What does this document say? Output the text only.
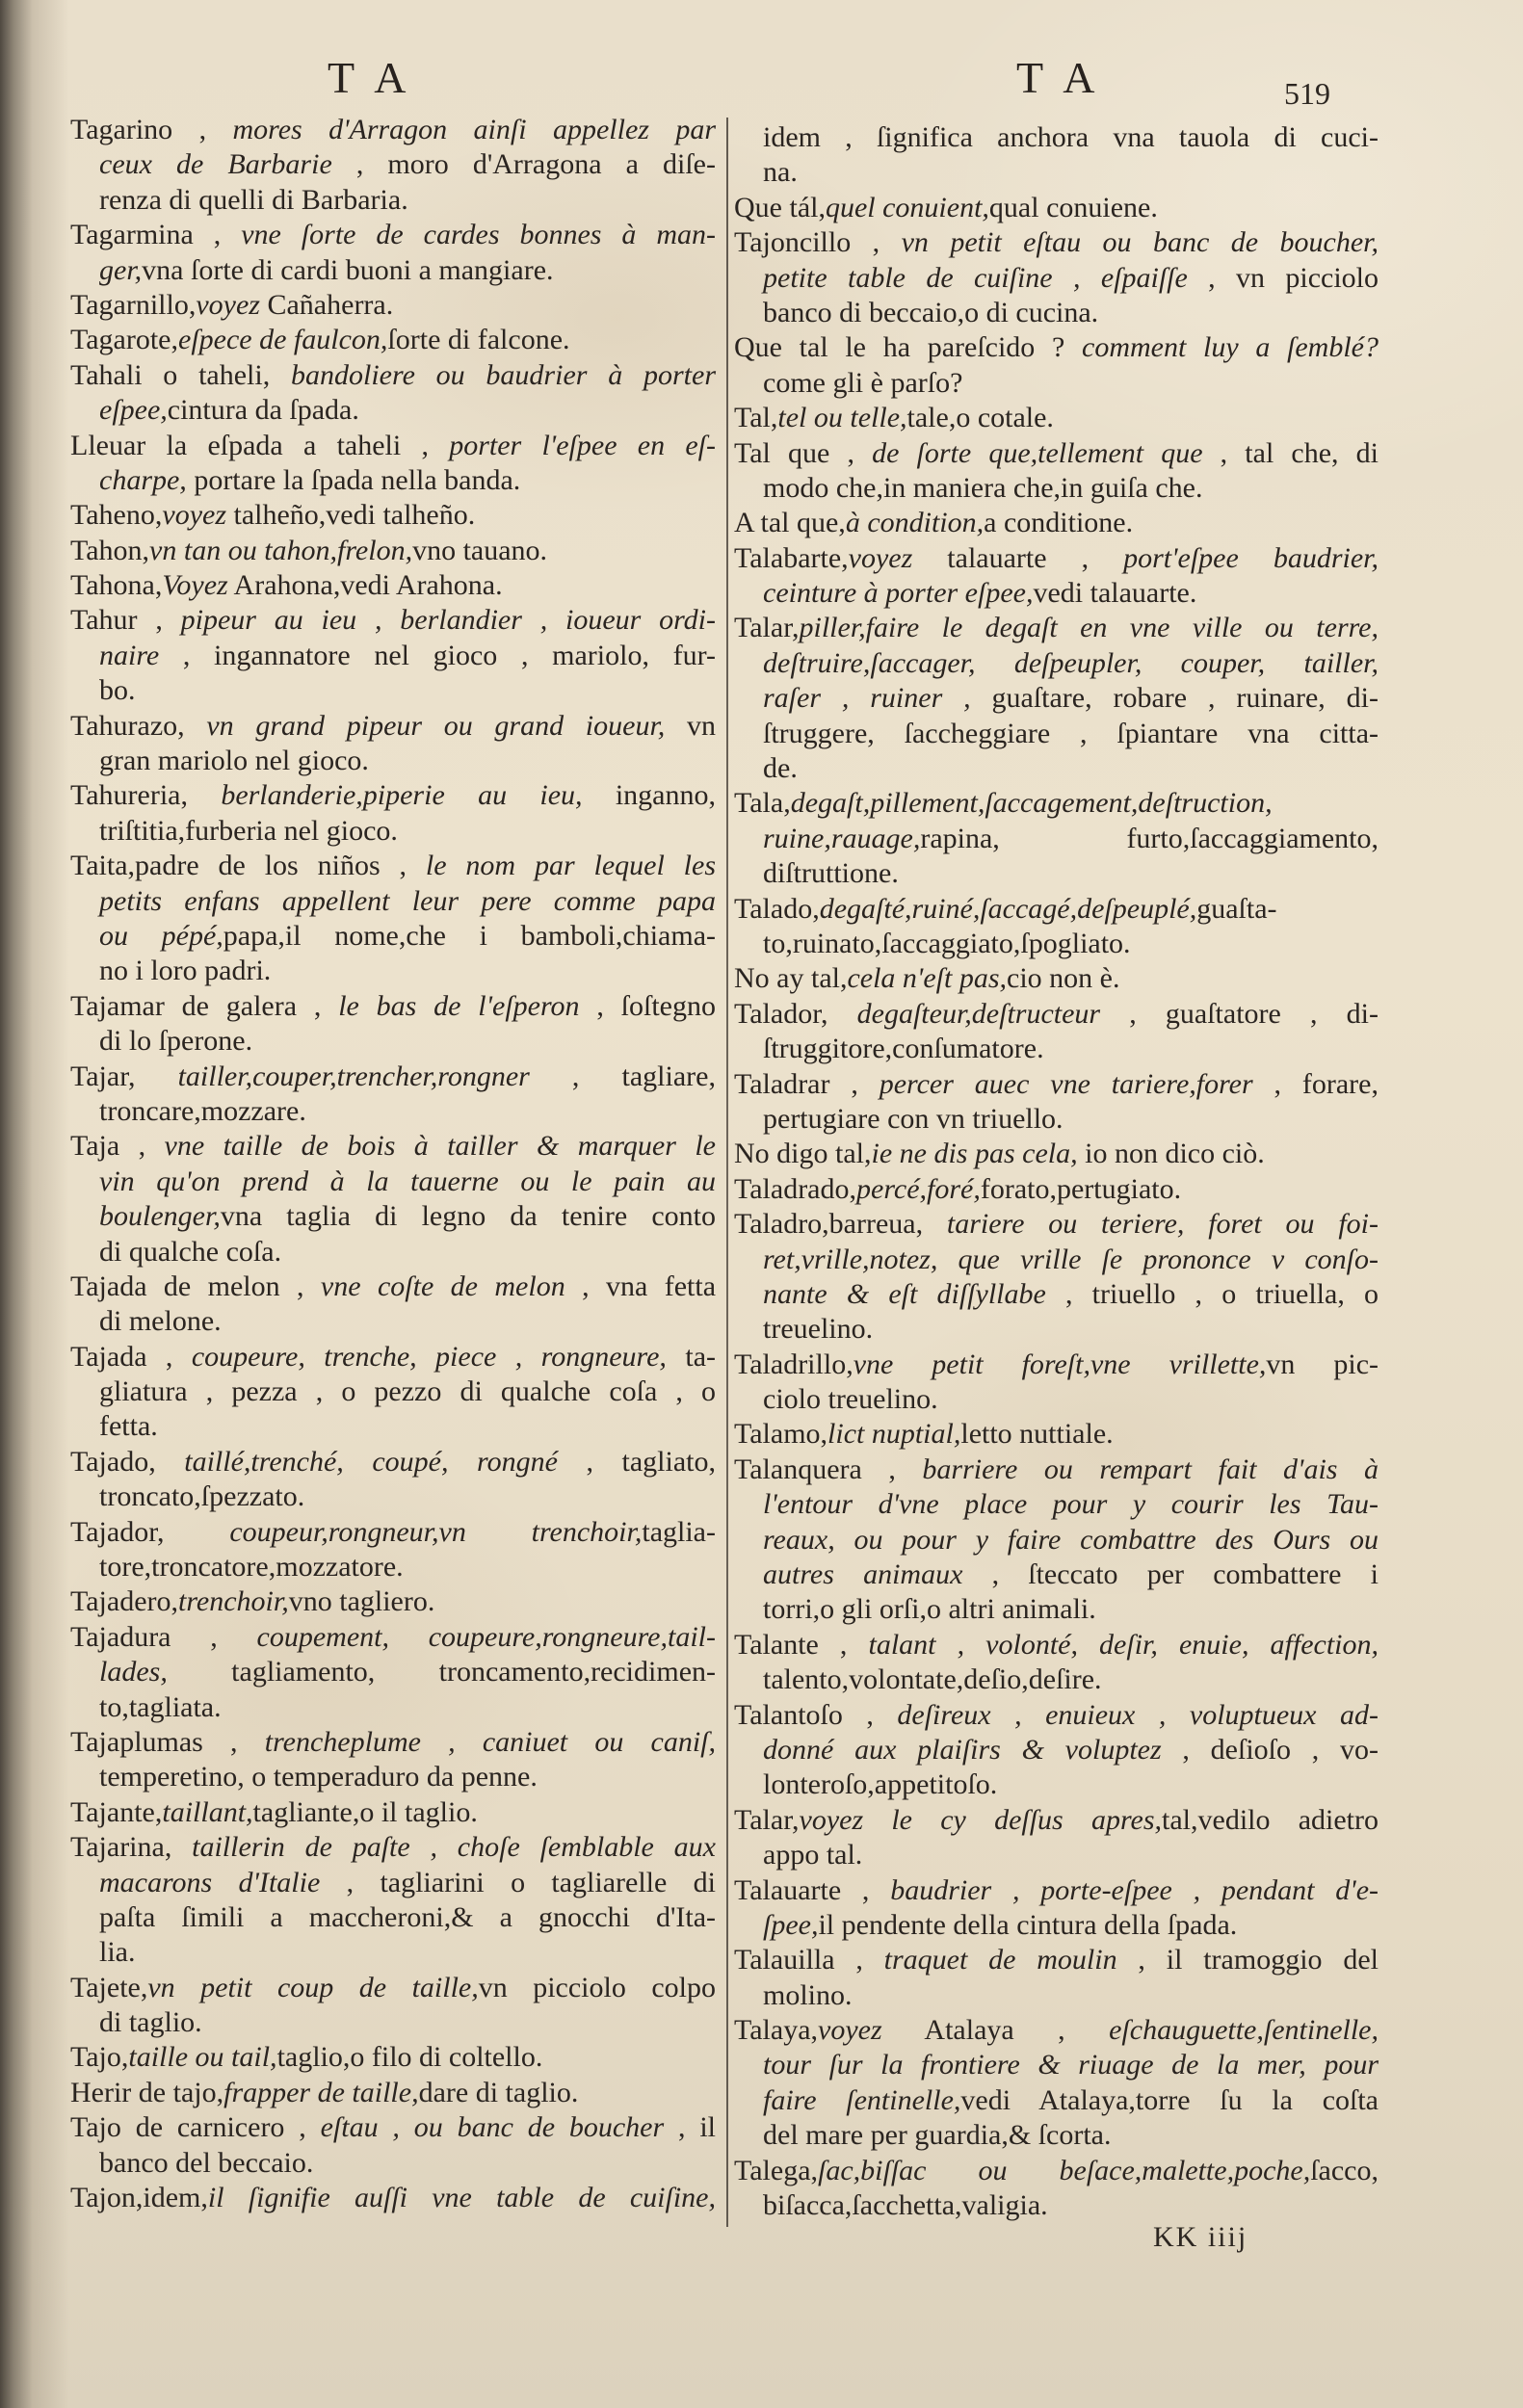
T A	T A	519
Tagarino , mores d'Arragon ainſi appellez par
ceux de Barbarie , moro d'Arragona a diſe-
renza di quelli di Barbaria.
Tagarmina , vne ſorte de cardes bonnes à man-
ger,vna ſorte di cardi buoni a mangiare.
Tagarnillo,voyez Cañaherra.
Tagarote,eſpece de faulcon,ſorte di falcone.
Tahali o taheli, bandoliere ou baudrier à porter
eſpee,cintura da ſpada.
Lleuar la eſpada a taheli , porter l'eſpee en eſ-
charpe, portare la ſpada nella banda.
Taheno,voyez talheño,vedi talheño.
Tahon,vn tan ou tahon,frelon,vno tauano.
Tahona,Voyez Arahona,vedi Arahona.
Tahur , pipeur au ieu , berlandier , ioueur ordi-
naire , ingannatore nel gioco , mariolo, fur-
bo.
Tahurazo, vn grand pipeur ou grand ioueur, vn
gran mariolo nel gioco.
Tahureria, berlanderie,piperie au ieu, inganno,
triſtitia,furberia nel gioco.
Taita,padre de los niños , le nom par lequel les
petits enfans appellent leur pere comme papa
ou pépé,papa,il nome,che i bamboli,chiama-
no i loro padri.
Tajamar de galera , le bas de l'eſperon , ſoſtegno
di lo ſperone.
Tajar, tailler,couper,trencher,rongner , tagliare,
troncare,mozzare.
Taja , vne taille de bois à tailler & marquer le
vin qu'on prend à la tauerne ou le pain au
boulenger,vna taglia di legno da tenire conto
di qualche coſa.
Tajada de melon , vne coſte de melon , vna fetta
di melone.
Tajada , coupeure, trenche, piece , rongneure, ta-
gliatura , pezza , o pezzo di qualche coſa , o
fetta.
Tajado, taillé,trenché, coupé, rongné , tagliato,
troncato,ſpezzato.
Tajador, coupeur,rongneur,vn trenchoir,taglia-
tore,troncatore,mozzatore.
Tajadero,trenchoir,vno tagliero.
Tajadura , coupement, coupeure,rongneure,tail-
lades, tagliamento, troncamento,recidimen-
to,tagliata.
Tajaplumas , trencheplume , caniuet ou caniſ,
temperetino, o temperaduro da penne.
Tajante,taillant,tagliante,o il taglio.
Tajarina, taillerin de paſte , choſe ſemblable aux
macarons d'Italie , tagliarini o tagliarelle di
paſta ſimili a maccheroni,& a gnocchi d'Ita-
lia.
Tajete,vn petit coup de taille,vn picciolo colpo
di taglio.
Tajo,taille ou tail,taglio,o filo di coltello.
Herir de tajo,frapper de taille,dare di taglio.
Tajo de carnicero , eſtau , ou banc de boucher , il
banco del beccaio.
Tajon,idem,il ſignifie auſſi vne table de cuiſine,
idem , ſignifica anchora vna tauola di cuci-
na.
Que tál,quel conuient,qual conuiene.
Tajoncillo , vn petit eſtau ou banc de boucher,
petite table de cuiſine , eſpaiſſe , vn picciolo
banco di beccaio,o di cucina.
Que tal le ha pareſcido ? comment luy a ſemblé?
come gli è parſo?
Tal,tel ou telle,tale,o cotale.
Tal que , de ſorte que,tellement que , tal che, di
modo che,in maniera che,in guiſa che.
A tal que,à condition,a conditione.
Talabarte,voyez talauarte , port'eſpee baudrier,
ceinture à porter eſpee,vedi talauarte.
Talar,piller,faire le degaſt en vne ville ou terre,
deſtruire,ſaccager, deſpeupler, couper, tailler,
raſer , ruiner , guaſtare, robare , ruinare, di-
ſtruggere, ſaccheggiare , ſpiantare vna citta-
de.
Tala,degaſt,pillement,ſaccagement,deſtruction,
ruine,rauage,rapina, furto,ſaccaggiamento,
diſtruttione.
Talado,degaſté,ruiné,ſaccagé,deſpeuplé,guaſta-
to,ruinato,ſaccaggiato,ſpogliato.
No ay tal,cela n'eſt pas,cio non è.
Talador, degaſteur,deſtructeur , guaſtatore , di-
ſtruggitore,conſumatore.
Taladrar , percer auec vne tariere,forer , forare,
pertugiare con vn triuello.
No digo tal,ie ne dis pas cela, io non dico ciò.
Taladrado,percé,foré,forato,pertugiato.
Taladro,barreua, tariere ou teriere, foret ou foi-
ret,vrille,notez, que vrille ſe prononce v conſo-
nante & eſt diſſyllabe , triuello , o triuella, o
treuelino.
Taladrillo,vne petit foreſt,vne vrillette,vn pic-
ciolo treuelino.
Talamo,lict nuptial,letto nuttiale.
Talanquera , barriere ou rempart fait d'ais à
l'entour d'vne place pour y courir les Tau-
reaux, ou pour y faire combattre des Ours ou
autres animaux , ſteccato per combattere i
torri,o gli orſi,o altri animali.
Talante , talant , volonté, deſir, enuie, affection,
talento,volontate,deſio,deſire.
Talantoſo , deſireux , enuieux , voluptueux ad-
donné aux plaiſirs & voluptez , deſioſo , vo-
lonteroſo,appetitoſo.
Talar,voyez le cy deſſus apres,tal,vedilo adietro
appo tal.
Talauarte , baudrier , porte-eſpee , pendant d'e-
ſpee,il pendente della cintura della ſpada.
Talauilla , traquet de moulin , il tramoggio del
molino.
Talaya,voyez Atalaya , eſchauguette,ſentinelle,
tour ſur la frontiere & riuage de la mer, pour
faire ſentinelle,vedi Atalaya,torre ſu la coſta
del mare per guardia,& ſcorta.
Talega,ſac,biſſac ou beſace,malette,poche,ſacco,
biſacca,ſacchetta,valigia.
KK iiij
